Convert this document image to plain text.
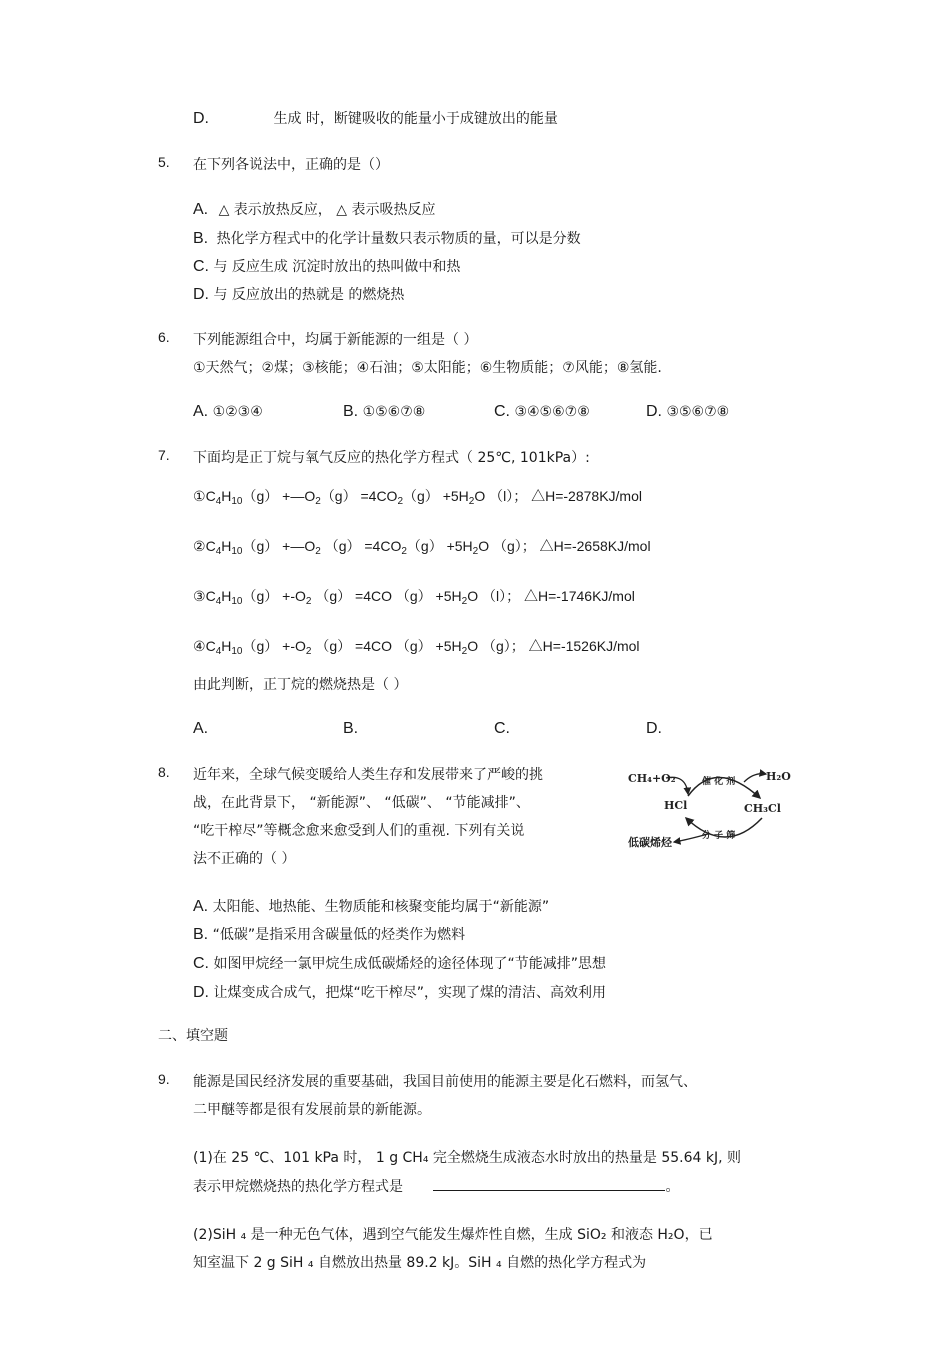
D.	生成 时，断键吸收的能量小于成键放出的能量
5. 在下列各说法中，正确的是（）
A. △ 表示放热反应， △ 表示吸热反应
B. 热化学方程式中的化学计量数只表示物质的量，可以是分数
C. 与 反应生成 沉淀时放出的热叫做中和热
D. 与 反应放出的热就是 的燃烧热
6. 下列能源组合中，均属于新能源的一组是（ ）
①天然气；②煤；③核能；④石油；⑤太阳能；⑥生物质能；⑦风能；⑧氢能.
A. ①②③④	B. ①⑤⑥⑦⑧	C. ③④⑤⑥⑦⑧	D. ③⑤⑥⑦⑧
7. 下面均是正丁烷与氧气反应的热化学方程式（ 25℃, 101kPa）:
$①C_4H_{10}(g)$ $+—O_2(g) =4CO_2(g) +5H_2O$ （l）； △H=-2878KJ/mol
$②C_4H_{10}(g)$ $+—O_2$ $(g) =4CO_2(g) +5H_2O$ （g）； △H=-2658KJ/mol
$③C_4H_{10}(g) +-O_2$ （g） =4CO $(g) +5H_2O$ （l）； △H=-1746KJ/mol
$④C_4H_{10}(g) +-O_2$ （g） =4CO $(g) +5H_2O$ （g）； △H=-1526KJ/mol
由此判断，正丁烷的燃烧热是（ ）
A.	B.	C.	D.
8. 近年来，全球气候变暖给人类生存和发展带来了严峻的挑
战，在此背景下， “新能源”、 “低碳”、 “节能减排”、
“吃干榨尽”等概念愈来愈受到人们的重视. 下列有关说
法不正确的（ ）
CH₄+O₂	催 化 剂	H₂O
HCl	CH₃Cl
分 子 筛
低碳烯烃
A. 太阳能、地热能、生物质能和核聚变能均属于“新能源”
B. “低碳”是指采用含碳量低的烃类作为燃料
C. 如图甲烷经一氯甲烷生成低碳烯烃的途径体现了“节能减排”思想
D. 让煤变成合成气，把煤“吃干榨尽”，实现了煤的清洁、高效利用
二、填空题
9. 能源是国民经济发展的重要基础，我国目前使用的能源主要是化石燃料，而氢气、
二甲醚等都是很有发展前景的新能源。
(1)在 25 ℃、101 kPa 时， 1 g CH₄ 完全燃烧生成液态水时放出的热量是 55.64 kJ, 则
表示甲烷燃烧热的热化学方程式是	。
(2)SiH ₄ 是一种无色气体，遇到空气能发生爆炸性自燃，生成 SiO₂ 和液态 H₂O，已
知室温下 2 g SiH ₄ 自燃放出热量 89.2 kJ。SiH ₄ 自燃的热化学方程式为
